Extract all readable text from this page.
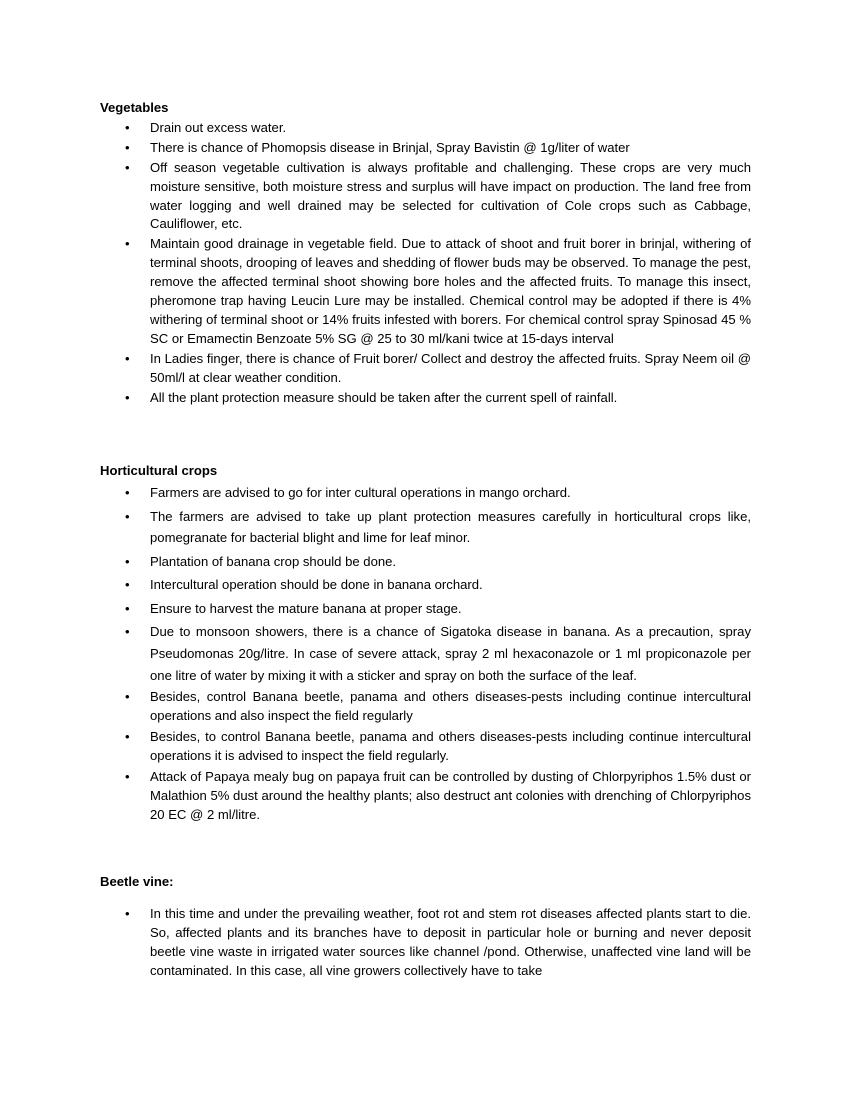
Vegetables
• Drain out excess water.
• There is chance of Phomopsis disease in Brinjal, Spray Bavistin @ 1g/liter of water
• Off season vegetable cultivation is always profitable and challenging. These crops are very much moisture sensitive, both moisture stress and surplus will have impact on production. The land free from water logging and well drained may be selected for cultivation of Cole crops such as Cabbage, Cauliflower, etc.
• Maintain good drainage in vegetable field. Due to attack of shoot and fruit borer in brinjal, withering of terminal shoots, drooping of leaves and shedding of flower buds may be observed. To manage the pest, remove the affected terminal shoot showing bore holes and the affected fruits. To manage this insect, pheromone trap having Leucin Lure may be installed. Chemical control may be adopted if there is 4% withering of terminal shoot or 14% fruits infested with borers. For chemical control spray Spinosad 45 % SC or Emamectin Benzoate 5% SG @ 25 to 30 ml/kani twice at 15-days interval
• In Ladies finger, there is chance of Fruit borer/ Collect and destroy the affected fruits. Spray Neem oil @ 50ml/l at clear weather condition.
• All the plant protection measure should be taken after the current spell of rainfall.
Horticultural crops
• Farmers are advised to go for inter cultural operations in mango orchard.
• The farmers are advised to take up plant protection measures carefully in horticultural crops like, pomegranate for bacterial blight and lime for leaf minor.
• Plantation of banana crop should be done.
• Intercultural operation should be done in banana orchard.
• Ensure to harvest the mature banana at proper stage.
• Due to monsoon showers, there is a chance of Sigatoka disease in banana. As a precaution, spray Pseudomonas 20g/litre. In case of severe attack, spray 2 ml hexaconazole or 1 ml propiconazole per one litre of water by mixing it with a sticker and spray on both the surface of the leaf.
• Besides, control Banana beetle, panama and others diseases-pests including continue intercultural operations and also inspect the field regularly
• Besides, to control Banana beetle, panama and others diseases-pests including continue intercultural operations it is advised to inspect the field regularly.
• Attack of Papaya mealy bug on papaya fruit can be controlled by dusting of Chlorpyriphos 1.5% dust or Malathion 5% dust around the healthy plants; also destruct ant colonies with drenching of Chlorpyriphos 20 EC @ 2 ml/litre.
Beetle vine:
• In this time and under the prevailing weather, foot rot and stem rot diseases affected plants start to die. So, affected plants and its branches have to deposit in particular hole or burning and never deposit beetle vine waste in irrigated water sources like channel /pond. Otherwise, unaffected vine land will be contaminated. In this case, all vine growers collectively have to take
